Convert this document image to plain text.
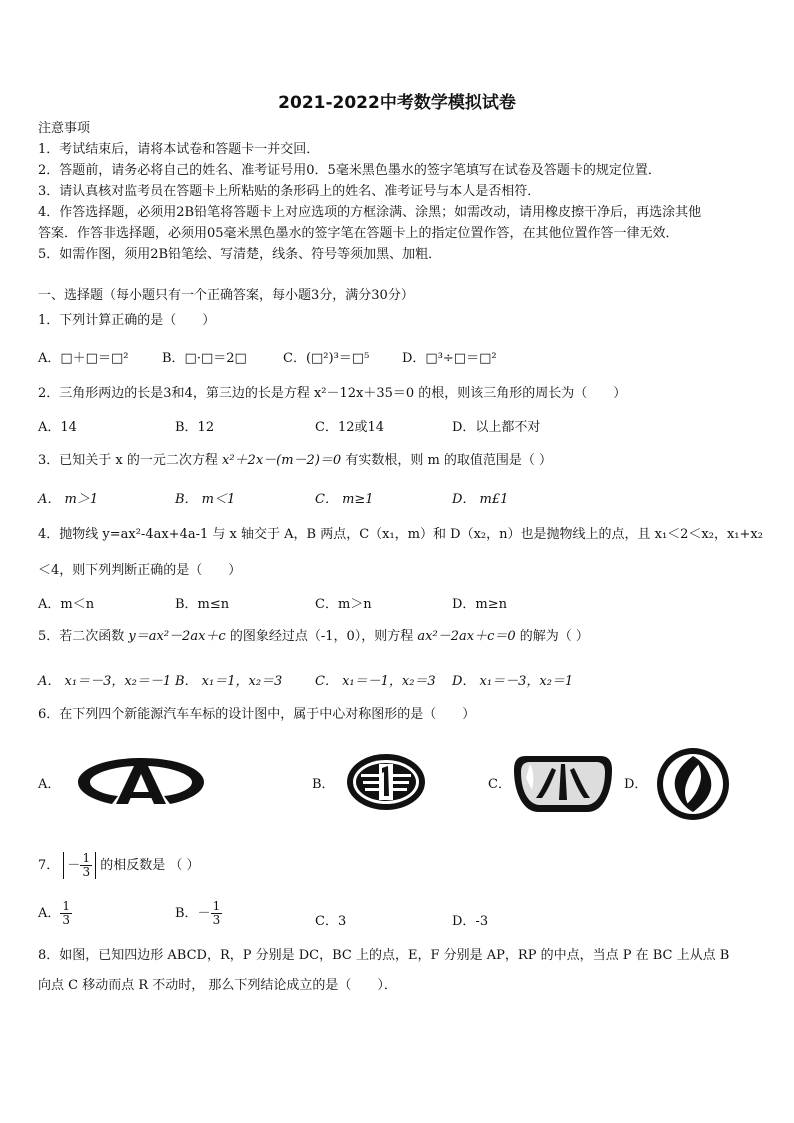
2021-2022中考数学模拟试卷
注意事项
1．考试结束后，请将本试卷和答题卡一并交回．
2．答题前，请务必将自己的姓名、准考证号用0．5毫米黑色墨水的签字笔填写在试卷及答题卡的规定位置．
3．请认真核对监考员在答题卡上所粘贴的条形码上的姓名、准考证号与本人是否相符．
4．作答选择题，必须用2B铅笔将答题卡上对应选项的方框涂满、涂黑；如需改动，请用橡皮擦干净后，再选涂其他
答案．作答非选择题，必须用05毫米黑色墨水的签字笔在答题卡上的指定位置作答，在其他位置作答一律无效．
5．如需作图，须用2B铅笔绘、写清楚，线条、符号等须加黑、加粗．
一、选择题（每小题只有一个正确答案，每小题3分，满分30分）
1．下列计算正确的是（　　）
A．□＋□＝□²	B．□·□＝2□	C．(□²)³＝□⁵	D．□³÷□＝□²
2．三角形两边的长是3和4，第三边的长是方程 x²－12x＋35＝0 的根，则该三角形的周长为（　　）
A．14	B．12	C．12或14	D．以上都不对
3．已知关于 x 的一元二次方程 x²＋2x－(m－2)＝0 有实数根，则 m 的取值范围是（ ）
A． m＞1	B． m＜1	C． m≥1	D． m£1
4．抛物线 y=ax²-4ax+4a-1 与 x 轴交于 A，B 两点，C（x₁，m）和 D（x₂，n）也是抛物线上的点，且 x₁＜2＜x₂，x₁+x₂
＜4，则下列判断正确的是（　　）
A．m＜n	B．m≤n	C．m＞n	D．m≥n
5．若二次函数 y＝ax²－2ax＋c 的图象经过点（-1，0），则方程 ax²－2ax＋c＝0 的解为（ ）
A． x₁＝－3，x₂＝－1 B． x₁＝1，x₂＝3	C． x₁＝－1，x₂＝3 D． x₁＝－3，x₂＝1
6．在下列四个新能源汽车车标的设计图中，属于中心对称图形的是（　　）
A．	B．	C．	D．
7． － $\frac{1}{3}$ 的相反数是 （ ）
A． $\frac{1}{3}$	B．－ $\frac{1}{3}$	C．3	D．-3
8．如图，已知四边形 ABCD，R，P 分别是 DC，BC 上的点，E，F 分别是 AP，RP 的中点，当点 P 在 BC 上从点 B
向点 C 移动而点 R 不动时， 那么下列结论成立的是（　　）．
